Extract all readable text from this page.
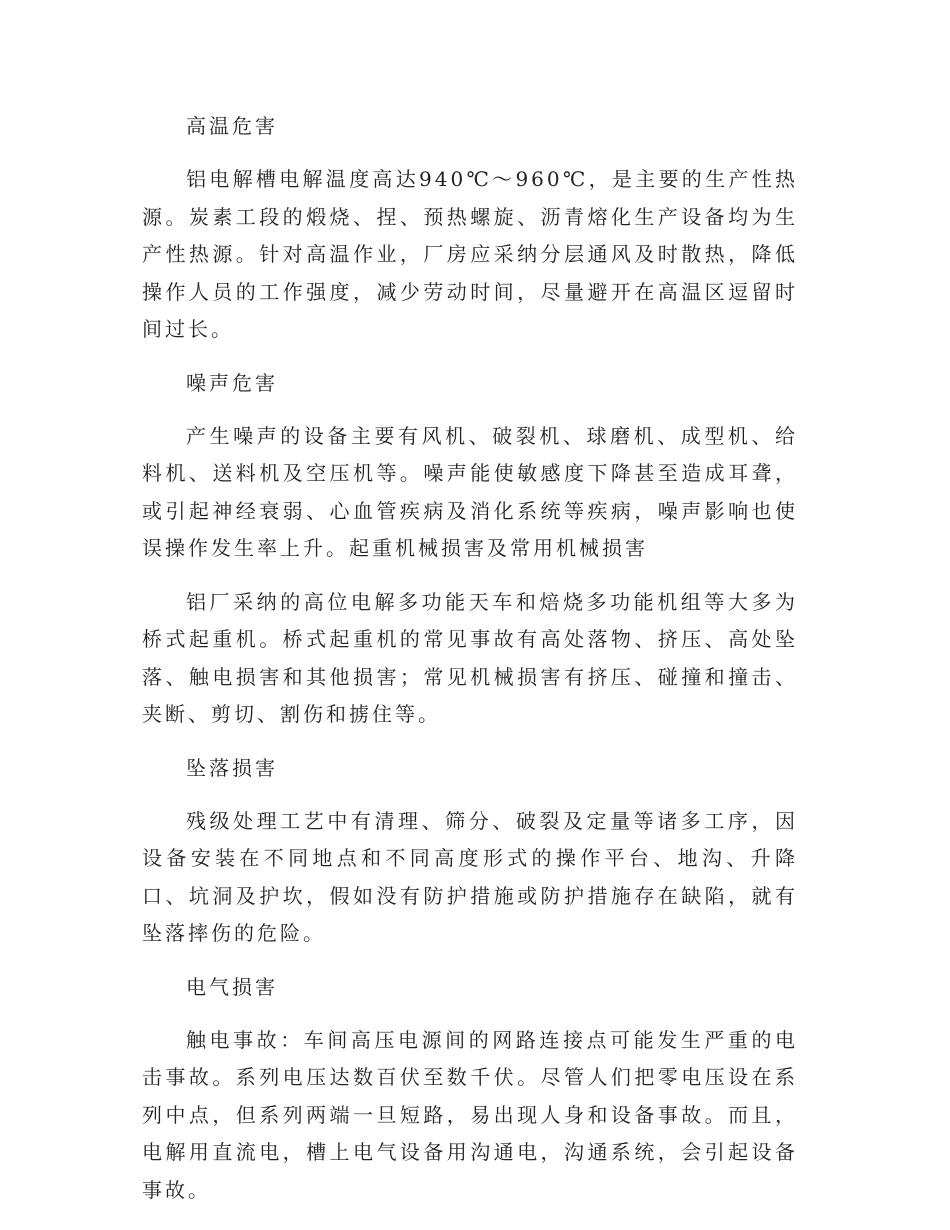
高温危害

铝电解槽电解温度高达940℃～960℃，是主要的生产性热源。炭素工段的煅烧、捏、预热螺旋、沥青熔化生产设备均为生产性热源。针对高温作业，厂房应采纳分层通风及时散热，降低操作人员的工作强度，减少劳动时间，尽量避开在高温区逗留时间过长。

噪声危害

产生噪声的设备主要有风机、破裂机、球磨机、成型机、给料机、送料机及空压机等。噪声能使敏感度下降甚至造成耳聋，或引起神经衰弱、心血管疾病及消化系统等疾病，噪声影响也使误操作发生率上升。起重机械损害及常用机械损害

铝厂采纳的高位电解多功能天车和焙烧多功能机组等大多为桥式起重机。桥式起重机的常见事故有高处落物、挤压、高处坠落、触电损害和其他损害；常见机械损害有挤压、碰撞和撞击、夹断、剪切、割伤和掳住等。

坠落损害

残级处理工艺中有清理、筛分、破裂及定量等诸多工序，因设备安装在不同地点和不同高度形式的操作平台、地沟、升降口、坑洞及护坎，假如没有防护措施或防护措施存在缺陷，就有坠落摔伤的危险。

电气损害

触电事故：车间高压电源间的网路连接点可能发生严重的电击事故。系列电压达数百伏至数千伏。尽管人们把零电压设在系列中点，但系列两端一旦短路，易出现人身和设备事故。而且，电解用直流电，槽上电气设备用沟通电，沟通系统，会引起设备事故。
